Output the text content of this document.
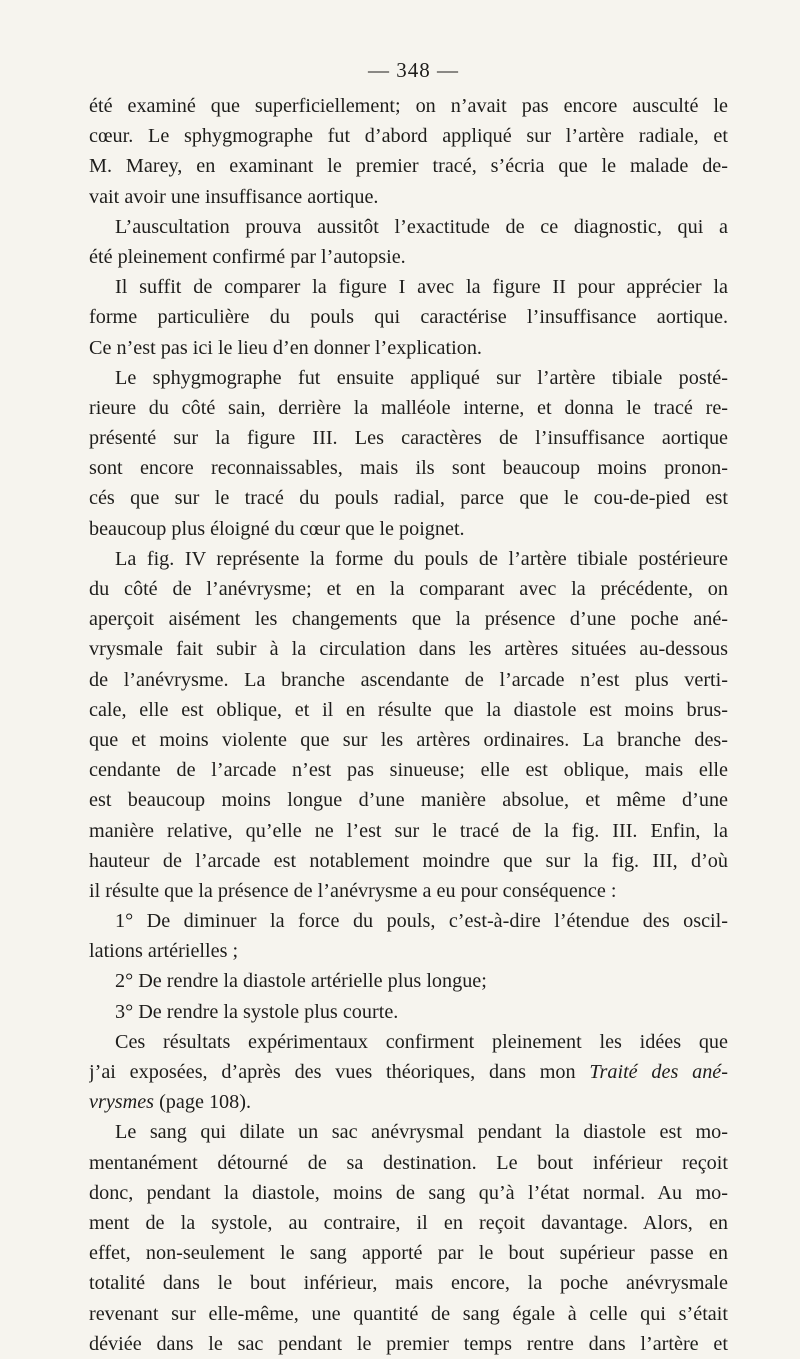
— 348 —
été examiné que superficiellement; on n’avait pas encore ausculté le
cœur. Le sphygmographe fut d’abord appliqué sur l’artère radiale, et
M. Marey, en examinant le premier tracé, s’écria que le malade de-
vait avoir une insuffisance aortique.
L’auscultation prouva aussitôt l’exactitude de ce diagnostic, qui a
été pleinement confirmé par l’autopsie.
Il suffit de comparer la figure I avec la figure II pour apprécier la
forme particulière du pouls qui caractérise l’insuffisance aortique.
Ce n’est pas ici le lieu d’en donner l’explication.
Le sphygmographe fut ensuite appliqué sur l’artère tibiale posté-
rieure du côté sain, derrière la malléole interne, et donna le tracé re-
présenté sur la figure III. Les caractères de l’insuffisance aortique
sont encore reconnaissables, mais ils sont beaucoup moins pronon-
cés que sur le tracé du pouls radial, parce que le cou-de-pied est
beaucoup plus éloigné du cœur que le poignet.
La fig. IV représente la forme du pouls de l’artère tibiale postérieure
du côté de l’anévrysme; et en la comparant avec la précédente, on
aperçoit aisément les changements que la présence d’une poche ané-
vrysmale fait subir à la circulation dans les artères situées au-dessous
de l’anévrysme. La branche ascendante de l’arcade n’est plus verti-
cale, elle est oblique, et il en résulte que la diastole est moins brus-
que et moins violente que sur les artères ordinaires. La branche des-
cendante de l’arcade n’est pas sinueuse; elle est oblique, mais elle
est beaucoup moins longue d’une manière absolue, et même d’une
manière relative, qu’elle ne l’est sur le tracé de la fig. III. Enfin, la
hauteur de l’arcade est notablement moindre que sur la fig. III, d’où
il résulte que la présence de l’anévrysme a eu pour conséquence :
1° De diminuer la force du pouls, c’est-à-dire l’étendue des oscil-
lations artérielles ;
2° De rendre la diastole artérielle plus longue;
3° De rendre la systole plus courte.
Ces résultats expérimentaux confirment pleinement les idées que
j’ai exposées, d’après des vues théoriques, dans mon Traité des ané-
vrysmes (page 108).
Le sang qui dilate un sac anévrysmal pendant la diastole est mo-
mentanément détourné de sa destination. Le bout inférieur reçoit
donc, pendant la diastole, moins de sang qu’à l’état normal. Au mo-
ment de la systole, au contraire, il en reçoit davantage. Alors, en
effet, non-seulement le sang apporté par le bout supérieur passe en
totalité dans le bout inférieur, mais encore, la poche anévrysmale
revenant sur elle-même, une quantité de sang égale à celle qui s’était
déviée dans le sac pendant le premier temps rentre dans l’artère et
